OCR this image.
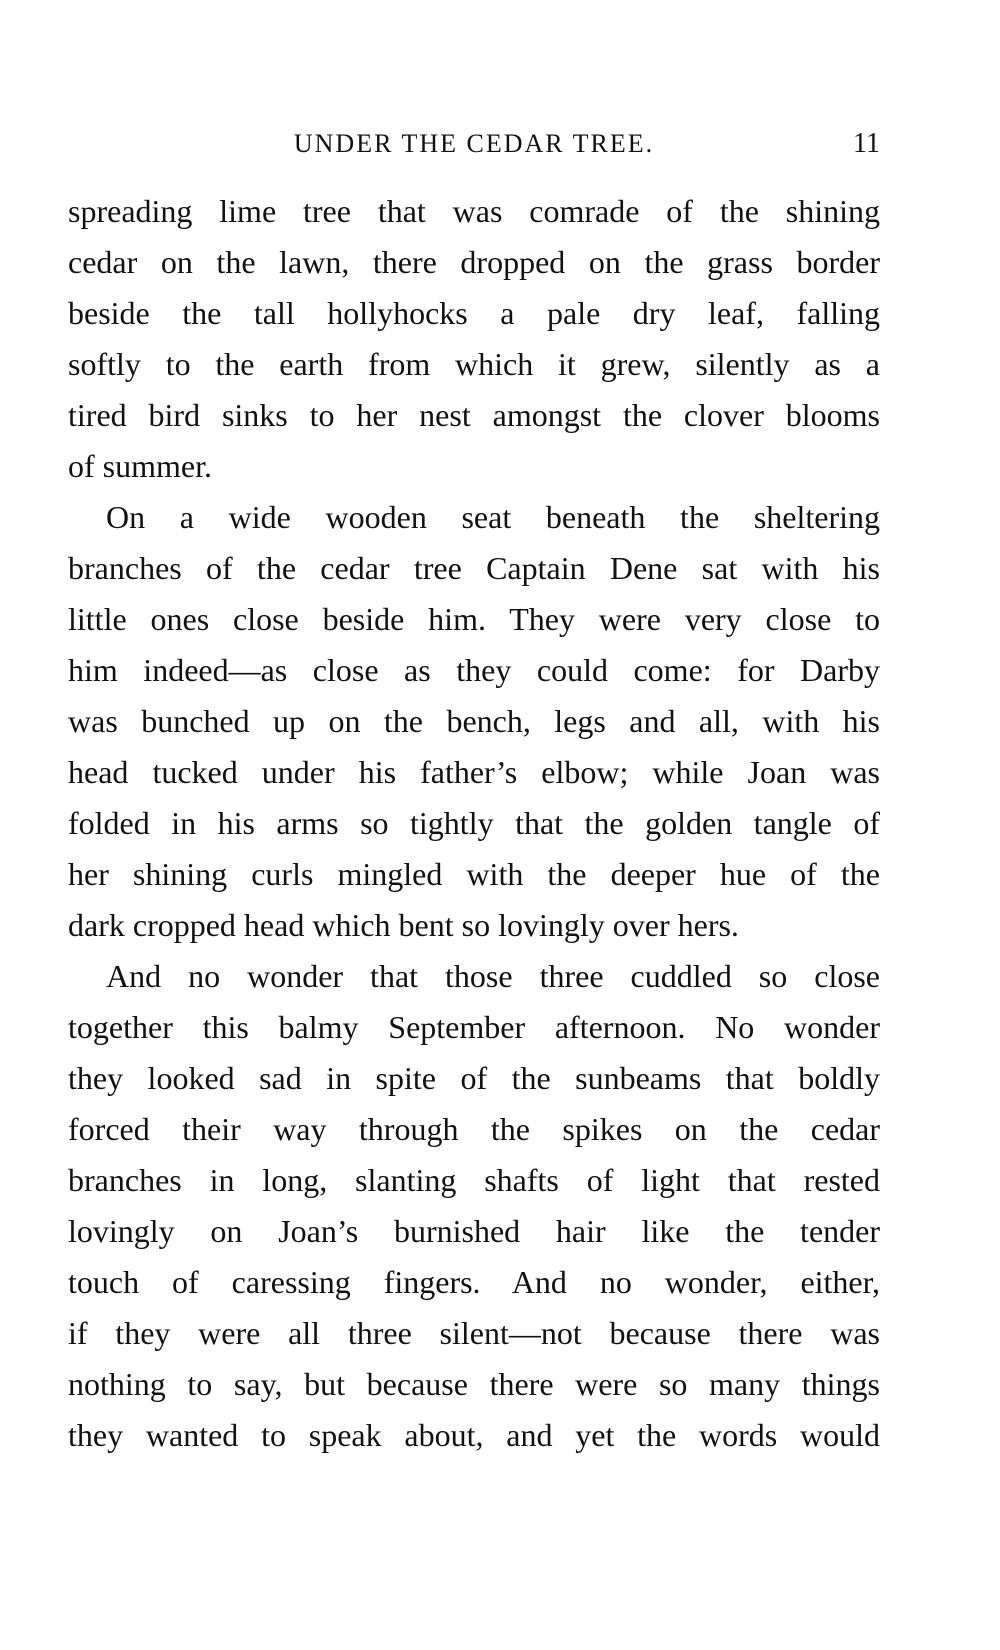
UNDER THE CEDAR TREE.	11
spreading lime tree that was comrade of the shining
cedar on the lawn, there dropped on the grass border
beside the tall hollyhocks a pale dry leaf, falling
softly to the earth from which it grew, silently as a
tired bird sinks to her nest amongst the clover blooms
of summer.
On a wide wooden seat beneath the sheltering
branches of the cedar tree Captain Dene sat with his
little ones close beside him. They were very close to
him indeed—as close as they could come: for Darby
was bunched up on the bench, legs and all, with his
head tucked under his father’s elbow; while Joan was
folded in his arms so tightly that the golden tangle of
her shining curls mingled with the deeper hue of the
dark cropped head which bent so lovingly over hers.
And no wonder that those three cuddled so close
together this balmy September afternoon. No wonder
they looked sad in spite of the sunbeams that boldly
forced their way through the spikes on the cedar
branches in long, slanting shafts of light that rested
lovingly on Joan’s burnished hair like the tender
touch of caressing fingers. And no wonder, either,
if they were all three silent—not because there was
nothing to say, but because there were so many things
they wanted to speak about, and yet the words would
